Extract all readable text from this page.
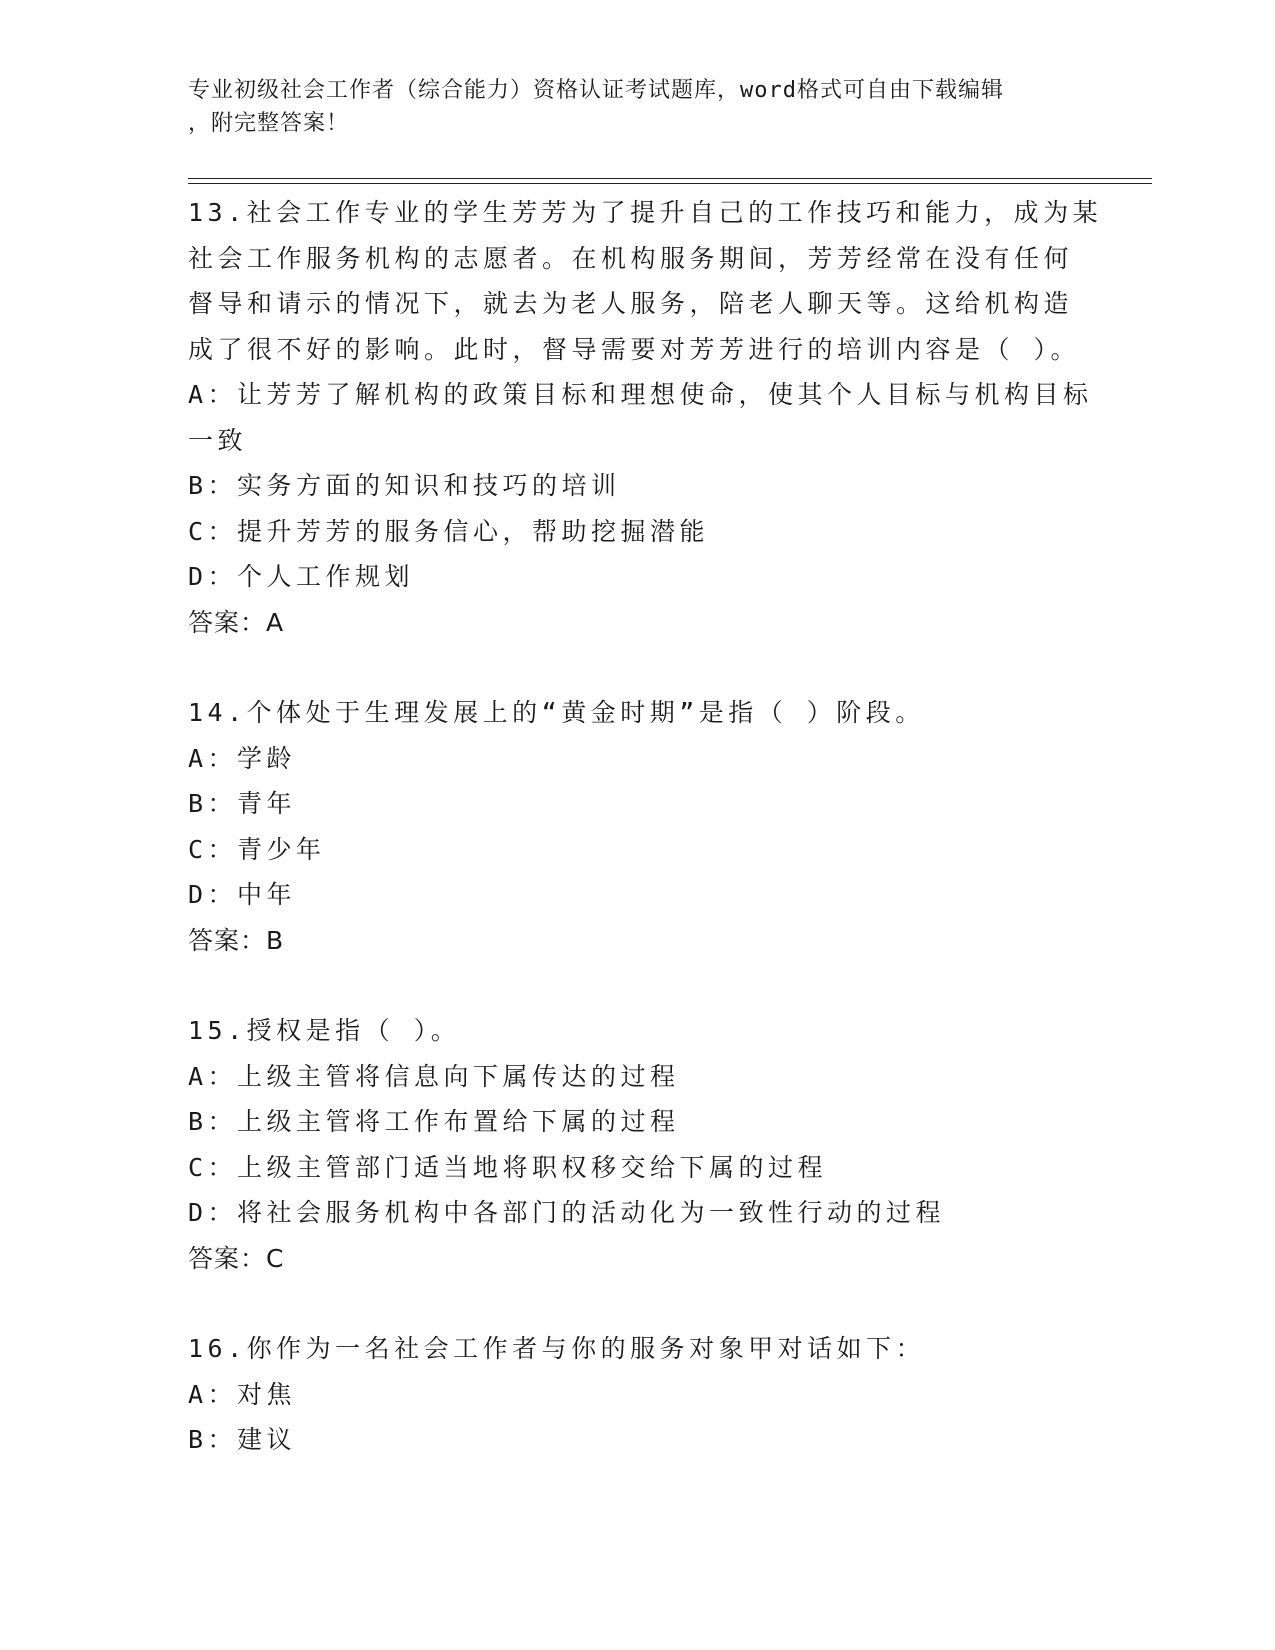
专业初级社会工作者（综合能力）资格认证考试题库，word格式可自由下载编辑
，附完整答案！
13.社会工作专业的学生芳芳为了提升自己的工作技巧和能力，成为某
社会工作服务机构的志愿者。在机构服务期间，芳芳经常在没有任何
督导和请示的情况下，就去为老人服务，陪老人聊天等。这给机构造
成了很不好的影响。此时，督导需要对芳芳进行的培训内容是（ ）。
A：让芳芳了解机构的政策目标和理想使命，使其个人目标与机构目标
一致
B：实务方面的知识和技巧的培训
C：提升芳芳的服务信心，帮助挖掘潜能
D：个人工作规划
答案：A
14.个体处于生理发展上的“黄金时期”是指（ ）阶段。
A：学龄
B：青年
C：青少年
D：中年
答案：B
15.授权是指（ ）。
A：上级主管将信息向下属传达的过程
B：上级主管将工作布置给下属的过程
C：上级主管部门适当地将职权移交给下属的过程
D：将社会服务机构中各部门的活动化为一致性行动的过程
答案：C
16.你作为一名社会工作者与你的服务对象甲对话如下：
A：对焦
B：建议
